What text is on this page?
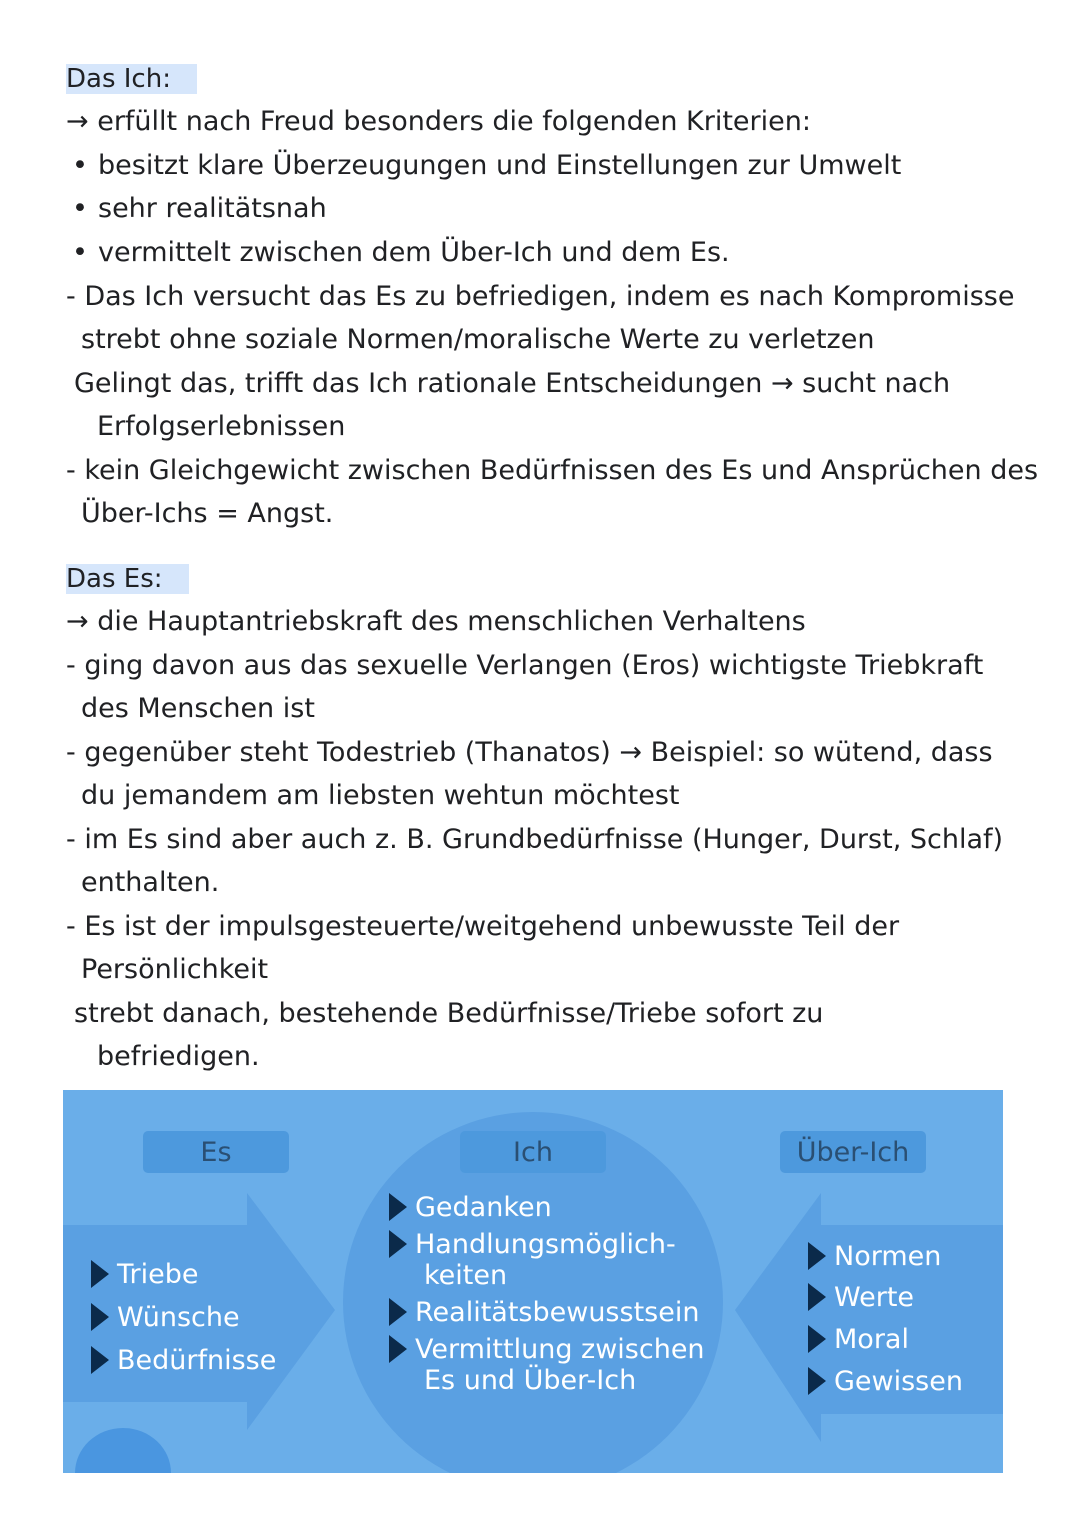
Das Ich:
→ erfüllt nach Freud besonders die folgenden Kriterien:
• besitzt klare Überzeugungen und Einstellungen zur Umwelt
• sehr realitätsnah
• vermittelt zwischen dem Über-Ich und dem Es.
- Das Ich versucht das Es zu befriedigen, indem es nach Kompromisse
strebt ohne soziale Normen/moralische Werte zu verletzen
Gelingt das, trifft das Ich rationale Entscheidungen → sucht nach
Erfolgserlebnissen
- kein Gleichgewicht zwischen Bedürfnissen des Es und Ansprüchen des
Über-Ichs = Angst.
Das Es:
→ die Hauptantriebskraft des menschlichen Verhaltens
- ging davon aus das sexuelle Verlangen (Eros) wichtigste Triebkraft
des Menschen ist
- gegenüber steht Todestrieb (Thanatos) → Beispiel: so wütend, dass
du jemandem am liebsten wehtun möchtest
- im Es sind aber auch z. B. Grundbedürfnisse (Hunger, Durst, Schlaf)
enthalten.
- Es ist der impulsgesteuerte/weitgehend unbewusste Teil der
Persönlichkeit
strebt danach, bestehende Bedürfnisse/Triebe sofort zu
befriedigen.
Es	Ich	Über-Ich
Triebe
Wünsche
Bedürfnisse
Gedanken
Handlungsmöglich-
keiten
Realitätsbewusstsein
Vermittlung zwischen
Es und Über-Ich
Normen
Werte
Moral
Gewissen
